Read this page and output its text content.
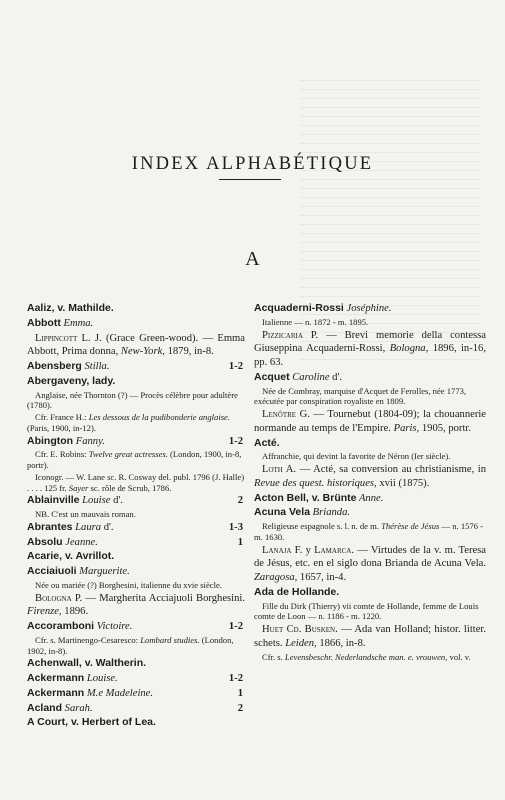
INDEX ALPHABÉTIQUE
A
Aaliz, v. Mathilde.
Abbott Emma.
Lippincott L. J. (Grace Green-wood). — Emma Abbott, Prima donna, New-York, 1879, in-8.
Abensberg Stilla.	1-2
Abergaveny, lady.
Anglaise, née Thornton (?) — Procès célèbre pour adultère (1780).
Cfr. France H.: Les dessous de la pudibonderie anglaise. (Paris, 1900, in-12).
Abington Fanny.	1-2
Cfr. E. Robins: Twelve great actresses. (London, 1900, in-8, portr).
Iconogr. — W. Lane sc. R. Cosway del. publ. 1796 (J. Halle) . . . . 125 fr. Sayer sc. rôle de Scrub, 1786.
Ablainville Louise d'.	2
NB. C'est un mauvais roman.
Abrantes Laura d'.	1-3
Absolu Jeanne.	1
Acarie, v. Avrillot.
Acciaiuoli Marguerite.
Née ou mariée (?) Borghesini, italienne du xvie siècle.
Bologna P. — Margherita Acciajuoli Borghesini. Firenze, 1896.
Accoramboni Victoire.	1-2
Cfr. s. Martinengo-Cesaresco: Lombard studies. (London, 1902, in-8).
Achenwall, v. Waltherin.
Ackermann Louise.	1-2
Ackermann M.e Madeleine.	1
Acland Sarah.	2
A Court, v. Herbert of Lea.
Acquaderni-Rossi Joséphine.
Italienne — n. 1872 - m. 1895.
Pizzicaria P. — Brevi memorie della contessa Giuseppina Acquaderni-Rossi, Bologna, 1896, in-16, pp. 63.
Acquet Caroline d'.
Née de Combray, marquise d'Acquet de Ferolles, née 1773, exécutée par conspiration royaliste en 1809.
Lenôtre G. — Tournebut (1804-09); la chouannerie normande au temps de l'Empire. Paris, 1905, portr.
Acté.
Affranchie, qui devint la favorite de Néron (Ier siècle).
Loth A. — Acté, sa conversion au christianisme, in Revue des quest. historiques, xvii (1875).
Acton Bell, v. Brünte Anne.
Acuna Vela Brianda.
Religieuse espagnole s. l. n. de m. Thérèse de Jésus — n. 1576 - m. 1630.
Lanaja F. y Lamarca. — Virtudes de la v. m. Teresa de Jésus, etc. en el siglo dona Brianda de Acuna Vela. Zaragosa, 1657, in-4.
Ada de Hollande.
Fille du Dirk (Thierry) vii comte de Hollande, femme de Louis comte de Loon — n. 1186 - m. 1220.
Huet Cd. Busken. — Ada van Holland; histor. litter. schets. Leiden, 1866, in-8.
Cfr. s. Levensbeschr. Nederlandsche man. e. vrouwen, vol. v.
